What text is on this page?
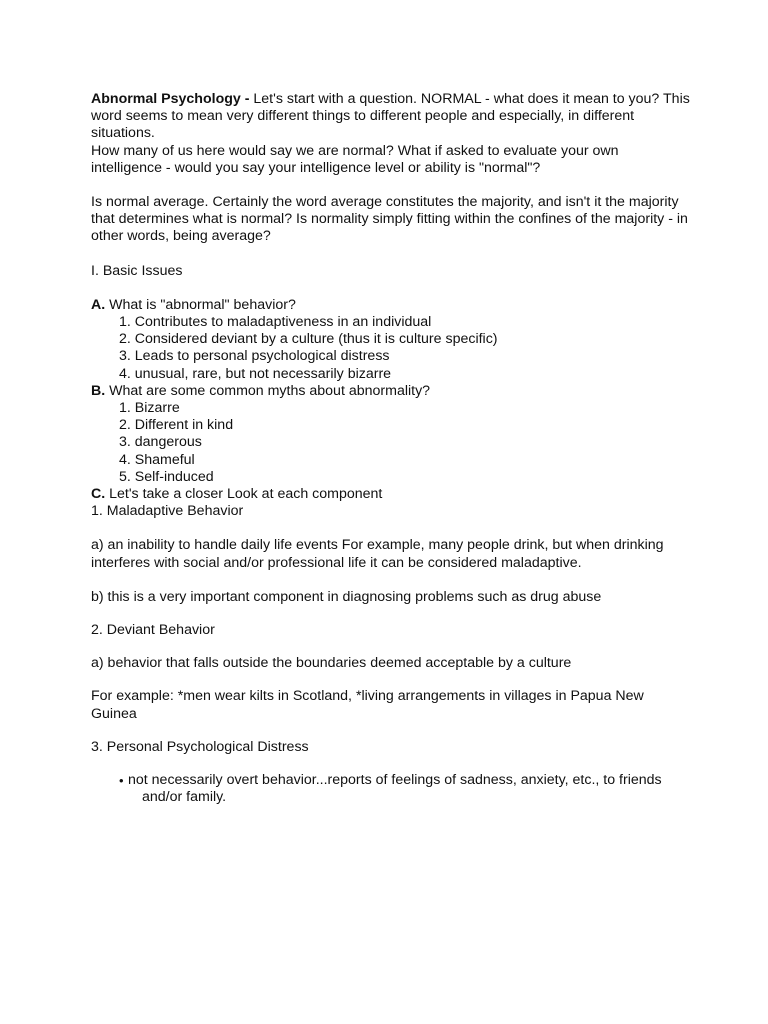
Abnormal Psychology - Let's start with a question. NORMAL - what does it mean to you? This word seems to mean very different things to different people and especially, in different situations.

How many of us here would say we are normal? What if asked to evaluate your own intelligence - would you say your intelligence level or ability is "normal"?

Is normal average. Certainly the word average constitutes the majority, and isn't it the majority that determines what is normal? Is normality simply fitting within the confines of the majority - in other words, being average?

I. Basic Issues

A. What is "abnormal" behavior?

1. Contributes to maladaptiveness in an individual

2. Considered deviant by a culture (thus it is culture specific)

3. Leads to personal psychological distress

4. unusual, rare, but not necessarily bizarre

B. What are some common myths about abnormality?

1. Bizarre

2. Different in kind

3. dangerous

4. Shameful

5. Self-induced

C. Let's take a closer Look at each component

1. Maladaptive Behavior

a) an inability to handle daily life events For example, many people drink, but when drinking interferes with social and/or professional life it can be considered maladaptive.

b) this is a very important component in diagnosing problems such as drug abuse

2. Deviant Behavior

a) behavior that falls outside the boundaries deemed acceptable by a culture

For example: *men wear kilts in Scotland, *living arrangements in villages in Papua New Guinea

3. Personal Psychological Distress

• not necessarily overt behavior...reports of feelings of sadness, anxiety, etc., to friends and/or family.
